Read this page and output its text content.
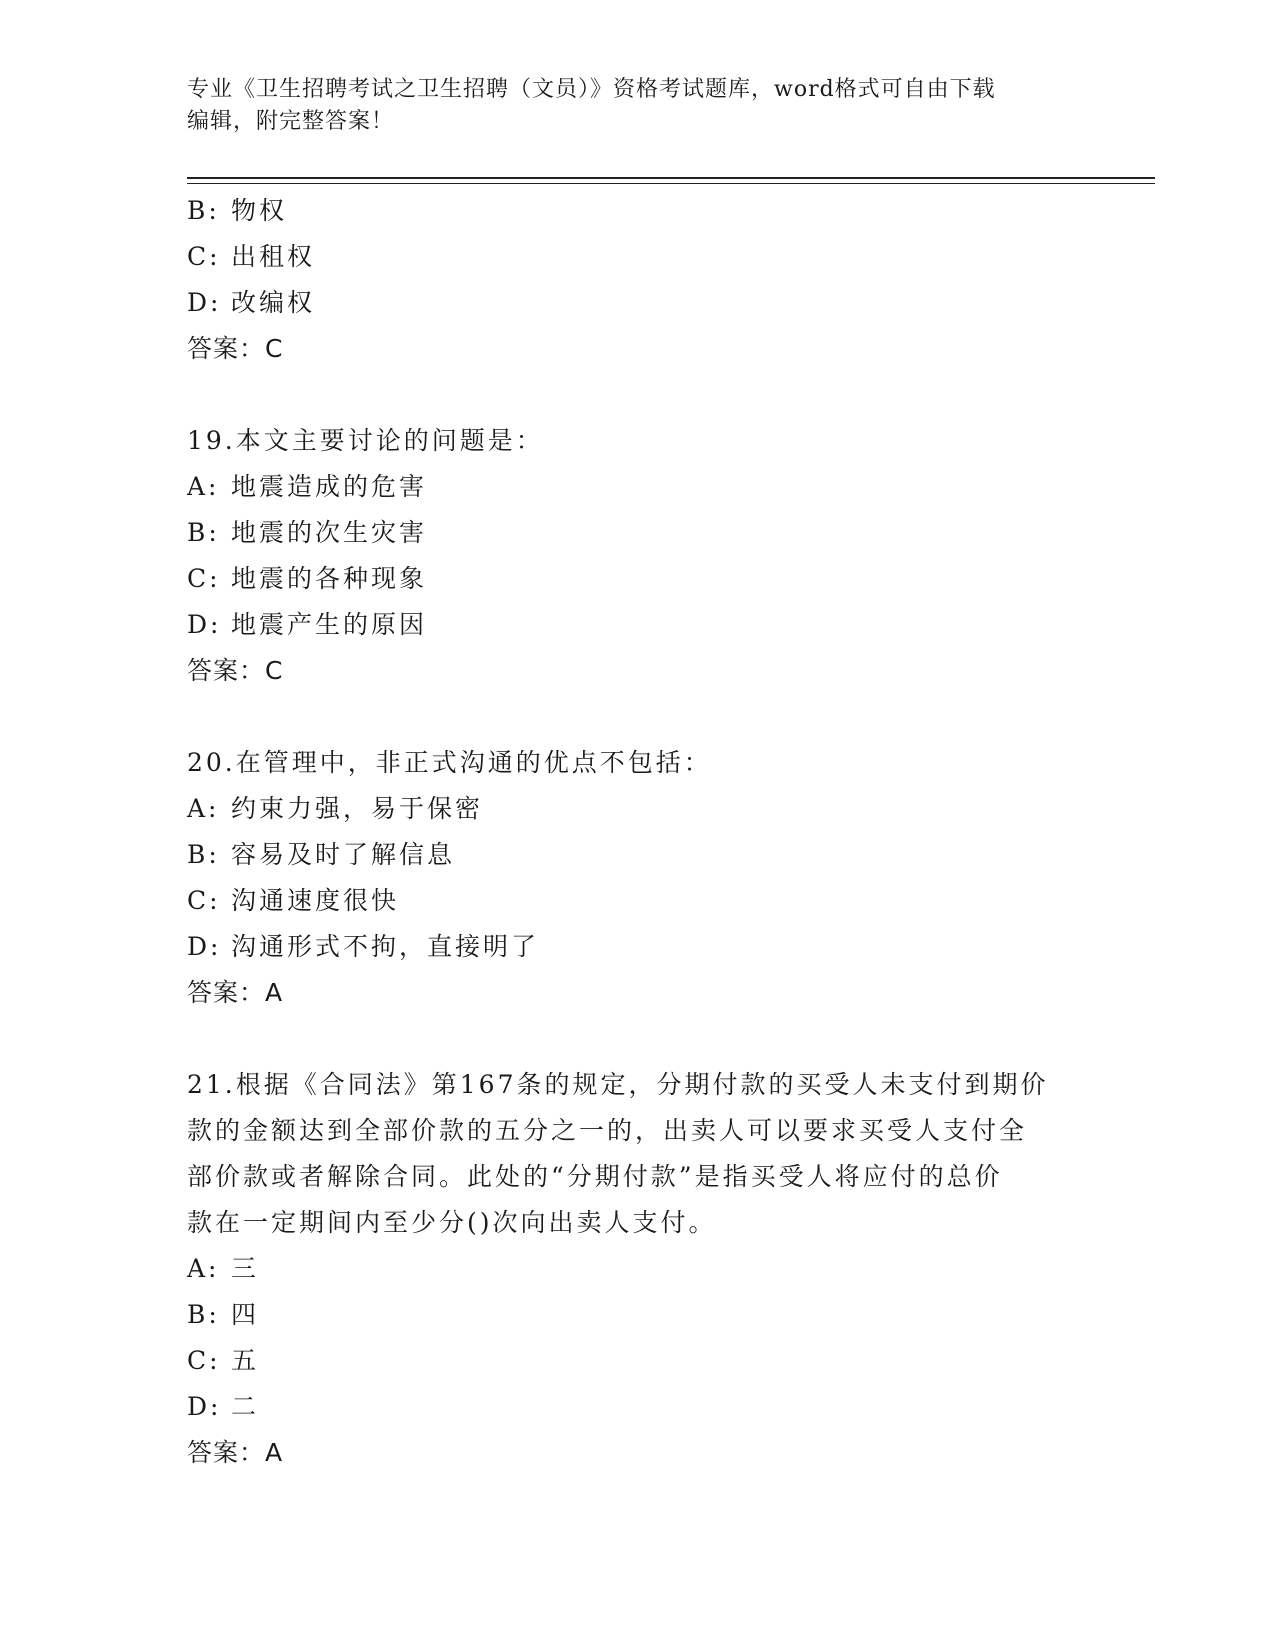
专业《卫生招聘考试之卫生招聘（文员）》资格考试题库，word格式可自由下载
编辑，附完整答案！
B: 物权
C: 出租权
D: 改编权
答案：C
19.本文主要讨论的问题是：
A: 地震造成的危害
B: 地震的次生灾害
C: 地震的各种现象
D: 地震产生的原因
答案：C
20.在管理中，非正式沟通的优点不包括：
A: 约束力强，易于保密
B: 容易及时了解信息
C: 沟通速度很快
D: 沟通形式不拘，直接明了
答案：A
21.根据《合同法》第167条的规定，分期付款的买受人未支付到期价
款的金额达到全部价款的五分之一的，出卖人可以要求买受人支付全
部价款或者解除合同。此处的“分期付款”是指买受人将应付的总价
款在一定期间内至少分()次向出卖人支付。
A: 三
B: 四
C: 五
D: 二
答案：A
